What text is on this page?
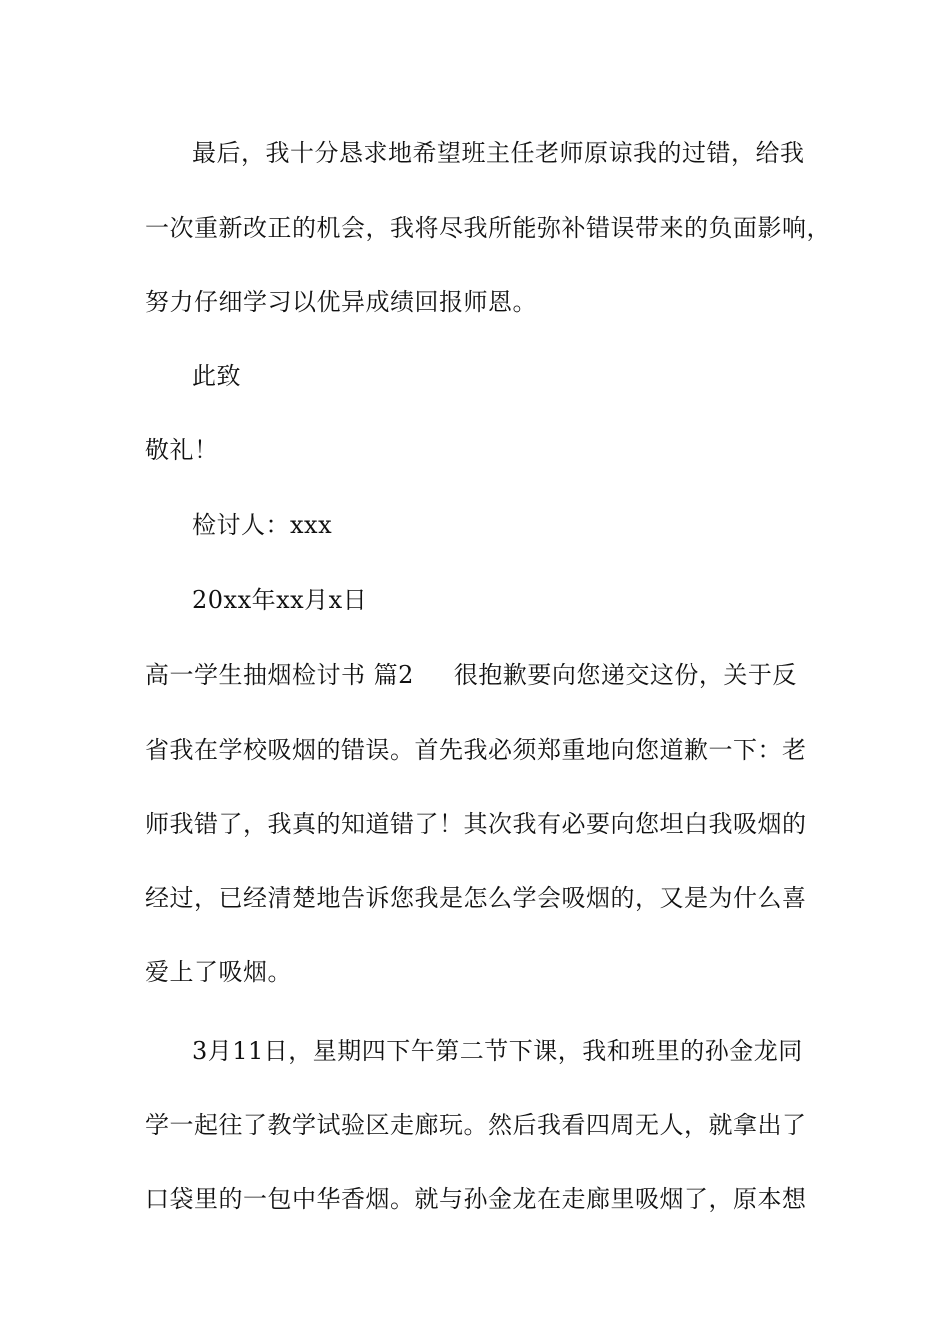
最后，我十分恳求地希望班主任老师原谅我的过错，给我
一次重新改正的机会，我将尽我所能弥补错误带来的负面影响，
努力仔细学习以优异成绩回报师恩。
此致
敬礼！
检讨人：xxx
20xx年xx月x日
高一学生抽烟检讨书 篇2 很抱歉要向您递交这份，关于反
省我在学校吸烟的错误。首先我必须郑重地向您道歉一下：老
师我错了，我真的知道错了！其次我有必要向您坦白我吸烟的
经过，已经清楚地告诉您我是怎么学会吸烟的，又是为什么喜
爱上了吸烟。
3月11日，星期四下午第二节下课，我和班里的孙金龙同
学一起往了教学试验区走廊玩。然后我看四周无人，就拿出了
口袋里的一包中华香烟。就与孙金龙在走廊里吸烟了，原本想
